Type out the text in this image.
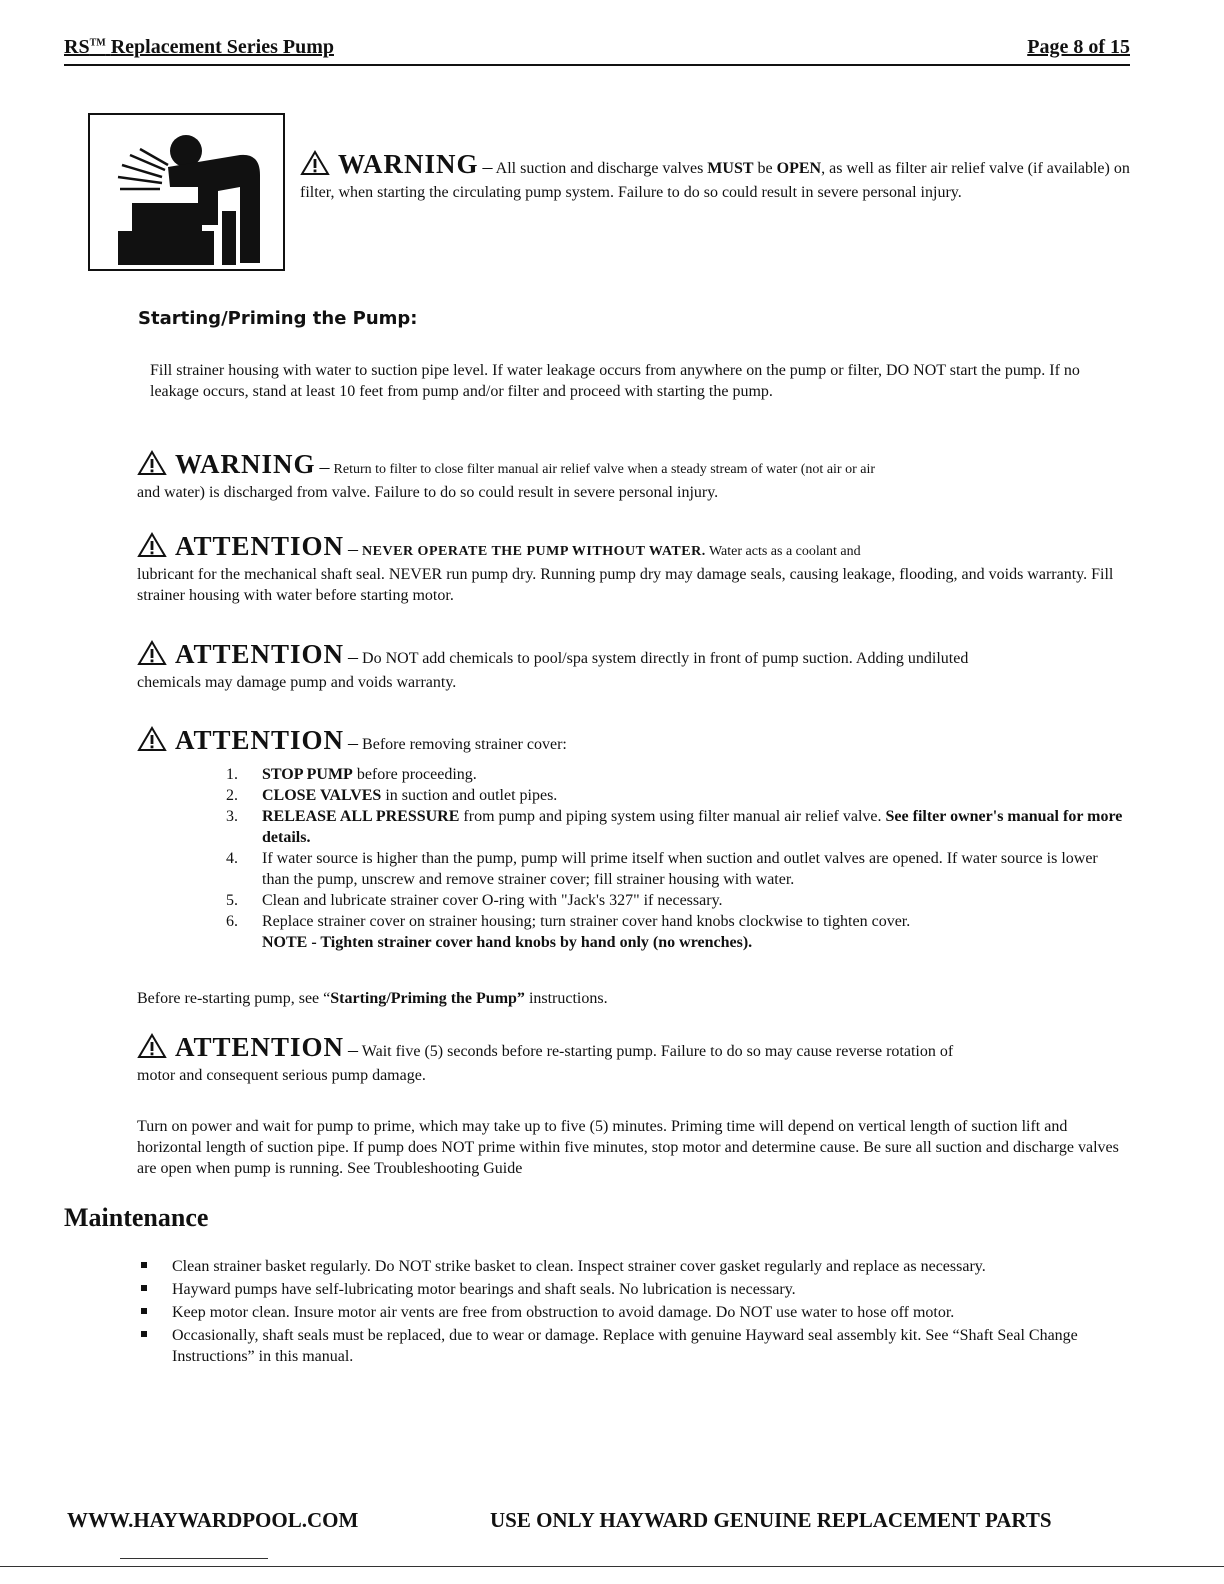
RS™ Replacement Series Pump	Page 8 of 15
WARNING – All suction and discharge valves MUST be OPEN, as well as filter air relief valve (if available) on filter, when starting the circulating pump system. Failure to do so could result in severe personal injury.
Starting/Priming the Pump:
Fill strainer housing with water to suction pipe level. If water leakage occurs from anywhere on the pump or filter, DO NOT start the pump. If no leakage occurs, stand at least 10 feet from pump and/or filter and proceed with starting the pump.
WARNING – Return to filter to close filter manual air relief valve when a steady stream of water (not air or air
and water) is discharged from valve. Failure to do so could result in severe personal injury.
ATTENTION – NEVER OPERATE THE PUMP WITHOUT WATER. Water acts as a coolant and
lubricant for the mechanical shaft seal. NEVER run pump dry. Running pump dry may damage seals, causing leakage, flooding, and voids warranty. Fill strainer housing with water before starting motor.
ATTENTION – Do NOT add chemicals to pool/spa system directly in front of pump suction. Adding undiluted
chemicals may damage pump and voids warranty.
ATTENTION – Before removing strainer cover:
1. STOP PUMP before proceeding.
2. CLOSE VALVES in suction and outlet pipes.
3. RELEASE ALL PRESSURE from pump and piping system using filter manual air relief valve. See filter owner's manual for more details.
4. If water source is higher than the pump, pump will prime itself when suction and outlet valves are opened. If water source is lower than the pump, unscrew and remove strainer cover; fill strainer housing with water.
5. Clean and lubricate strainer cover O-ring with "Jack's 327" if necessary.
6. Replace strainer cover on strainer housing; turn strainer cover hand knobs clockwise to tighten cover.
NOTE - Tighten strainer cover hand knobs by hand only (no wrenches).
Before re-starting pump, see “Starting/Priming the Pump” instructions.
ATTENTION – Wait five (5) seconds before re-starting pump. Failure to do so may cause reverse rotation of
motor and consequent serious pump damage.
Turn on power and wait for pump to prime, which may take up to five (5) minutes. Priming time will depend on vertical length of suction lift and horizontal length of suction pipe. If pump does NOT prime within five minutes, stop motor and determine cause. Be sure all suction and discharge valves are open when pump is running. See Troubleshooting Guide
Maintenance
Clean strainer basket regularly. Do NOT strike basket to clean. Inspect strainer cover gasket regularly and replace as necessary.
Hayward pumps have self-lubricating motor bearings and shaft seals. No lubrication is necessary.
Keep motor clean. Insure motor air vents are free from obstruction to avoid damage. Do NOT use water to hose off motor.
Occasionally, shaft seals must be replaced, due to wear or damage. Replace with genuine Hayward seal assembly kit. See “Shaft Seal Change Instructions” in this manual.
WWW.HAYWARDPOOL.COM	USE ONLY HAYWARD GENUINE REPLACEMENT PARTS
